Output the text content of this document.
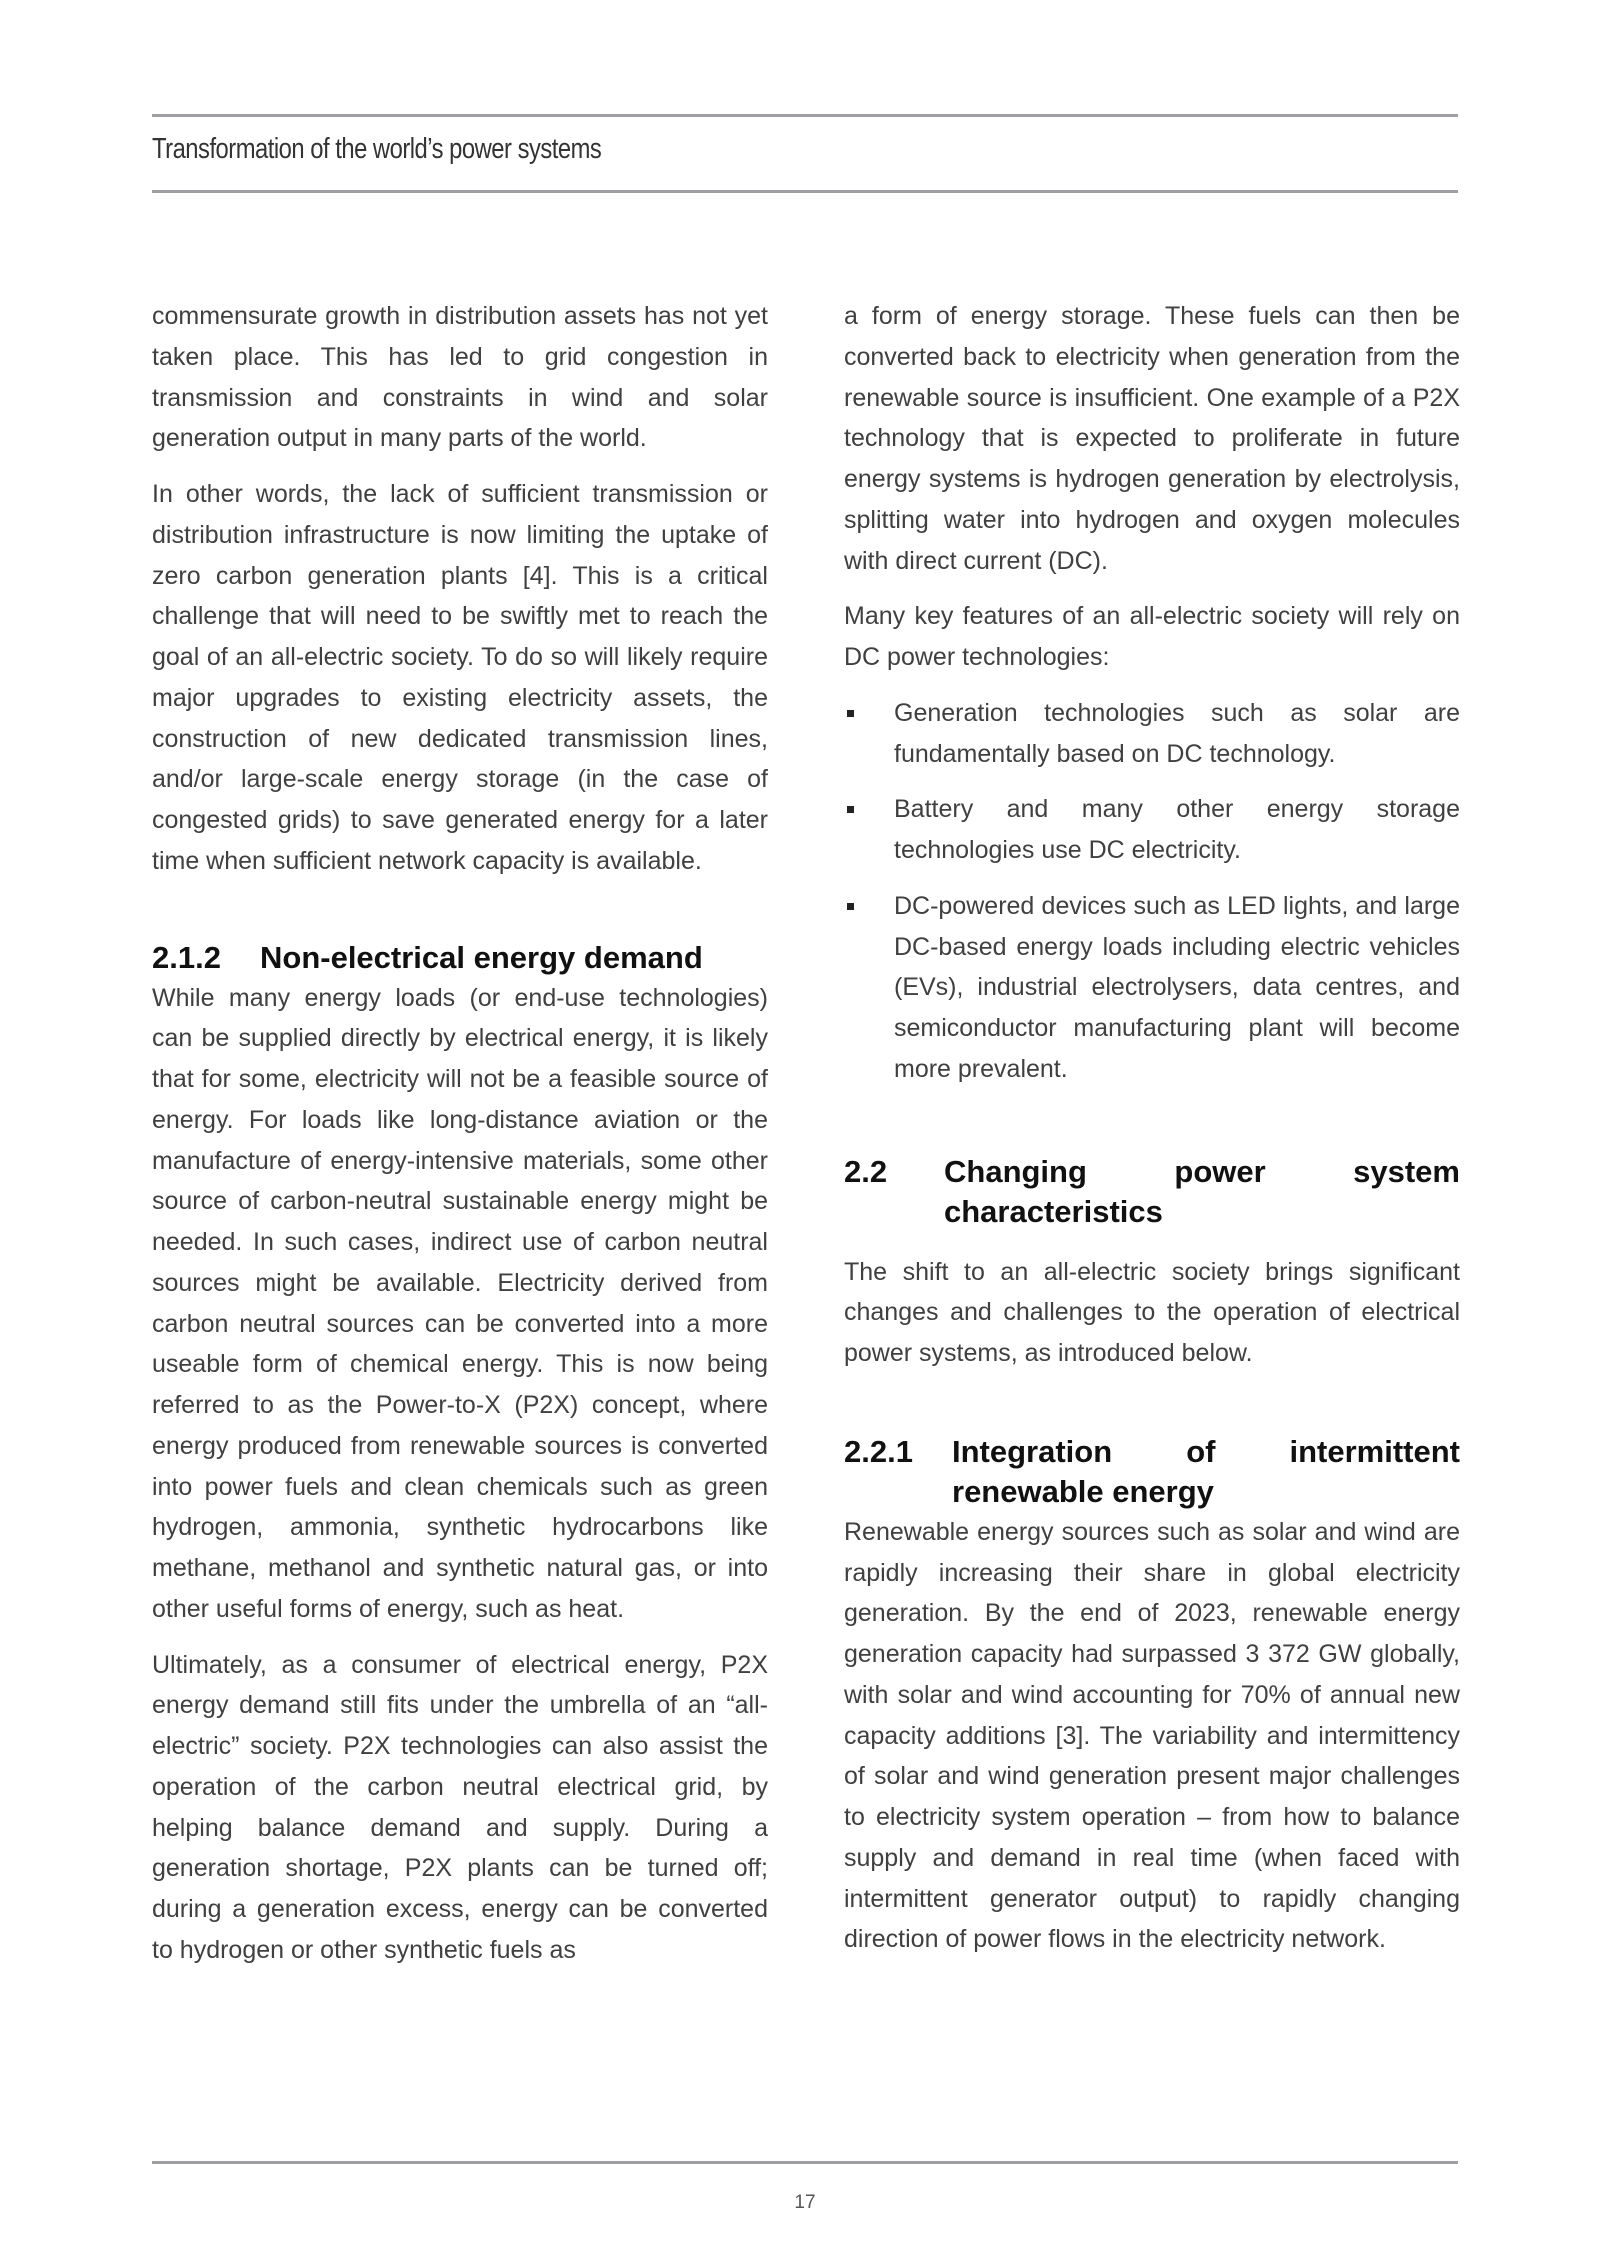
Transformation of the world’s power systems

commensurate growth in distribution assets has not yet taken place. This has led to grid congestion in transmission and constraints in wind and solar generation output in many parts of the world.

In other words, the lack of sufficient transmission or distribution infrastructure is now limiting the uptake of zero carbon generation plants [4]. This is a critical challenge that will need to be swiftly met to reach the goal of an all-electric society. To do so will likely require major upgrades to existing electricity assets, the construction of new dedicated transmission lines, and/or large-scale energy storage (in the case of congested grids) to save generated energy for a later time when sufficient network capacity is available.

2.1.2	Non-electrical energy demand

While many energy loads (or end-use technologies) can be supplied directly by electrical energy, it is likely that for some, electricity will not be a feasible source of energy. For loads like long-distance aviation or the manufacture of energy-intensive materials, some other source of carbon-neutral sustainable energy might be needed. In such cases, indirect use of carbon neutral sources might be available. Electricity derived from carbon neutral sources can be converted into a more useable form of chemical energy. This is now being referred to as the Power-to-X (P2X) concept, where energy produced from renewable sources is converted into power fuels and clean chemicals such as green hydrogen, ammonia, synthetic hydrocarbons like methane, methanol and synthetic natural gas, or into other useful forms of energy, such as heat.

Ultimately, as a consumer of electrical energy, P2X energy demand still fits under the umbrella of an “all-electric” society. P2X technologies can also assist the operation of the carbon neutral electrical grid, by helping balance demand and supply. During a generation shortage, P2X plants can be turned off; during a generation excess, energy can be converted to hydrogen or other synthetic fuels as

a form of energy storage. These fuels can then be converted back to electricity when generation from the renewable source is insufficient. One example of a P2X technology that is expected to proliferate in future energy systems is hydrogen generation by electrolysis, splitting water into hydrogen and oxygen molecules with direct current (DC).

Many key features of an all-electric society will rely on DC power technologies:

Generation technologies such as solar are fundamentally based on DC technology.
Battery and many other energy storage technologies use DC electricity.
DC-powered devices such as LED lights, and large DC-based energy loads including electric vehicles (EVs), industrial electrolysers, data centres, and semiconductor manufacturing plant will become more prevalent.
2.2	Changing power system characteristics

The shift to an all-electric society brings significant changes and challenges to the operation of electrical power systems, as introduced below.

2.2.1	Integration of intermittent renewable energy

Renewable energy sources such as solar and wind are rapidly increasing their share in global electricity generation. By the end of 2023, renewable energy generation capacity had surpassed 3 372 GW globally, with solar and wind accounting for 70% of annual new capacity additions [3]. The variability and intermittency of solar and wind generation present major challenges to electricity system operation – from how to balance supply and demand in real time (when faced with intermittent generator output) to rapidly changing direction of power flows in the electricity network.

17
